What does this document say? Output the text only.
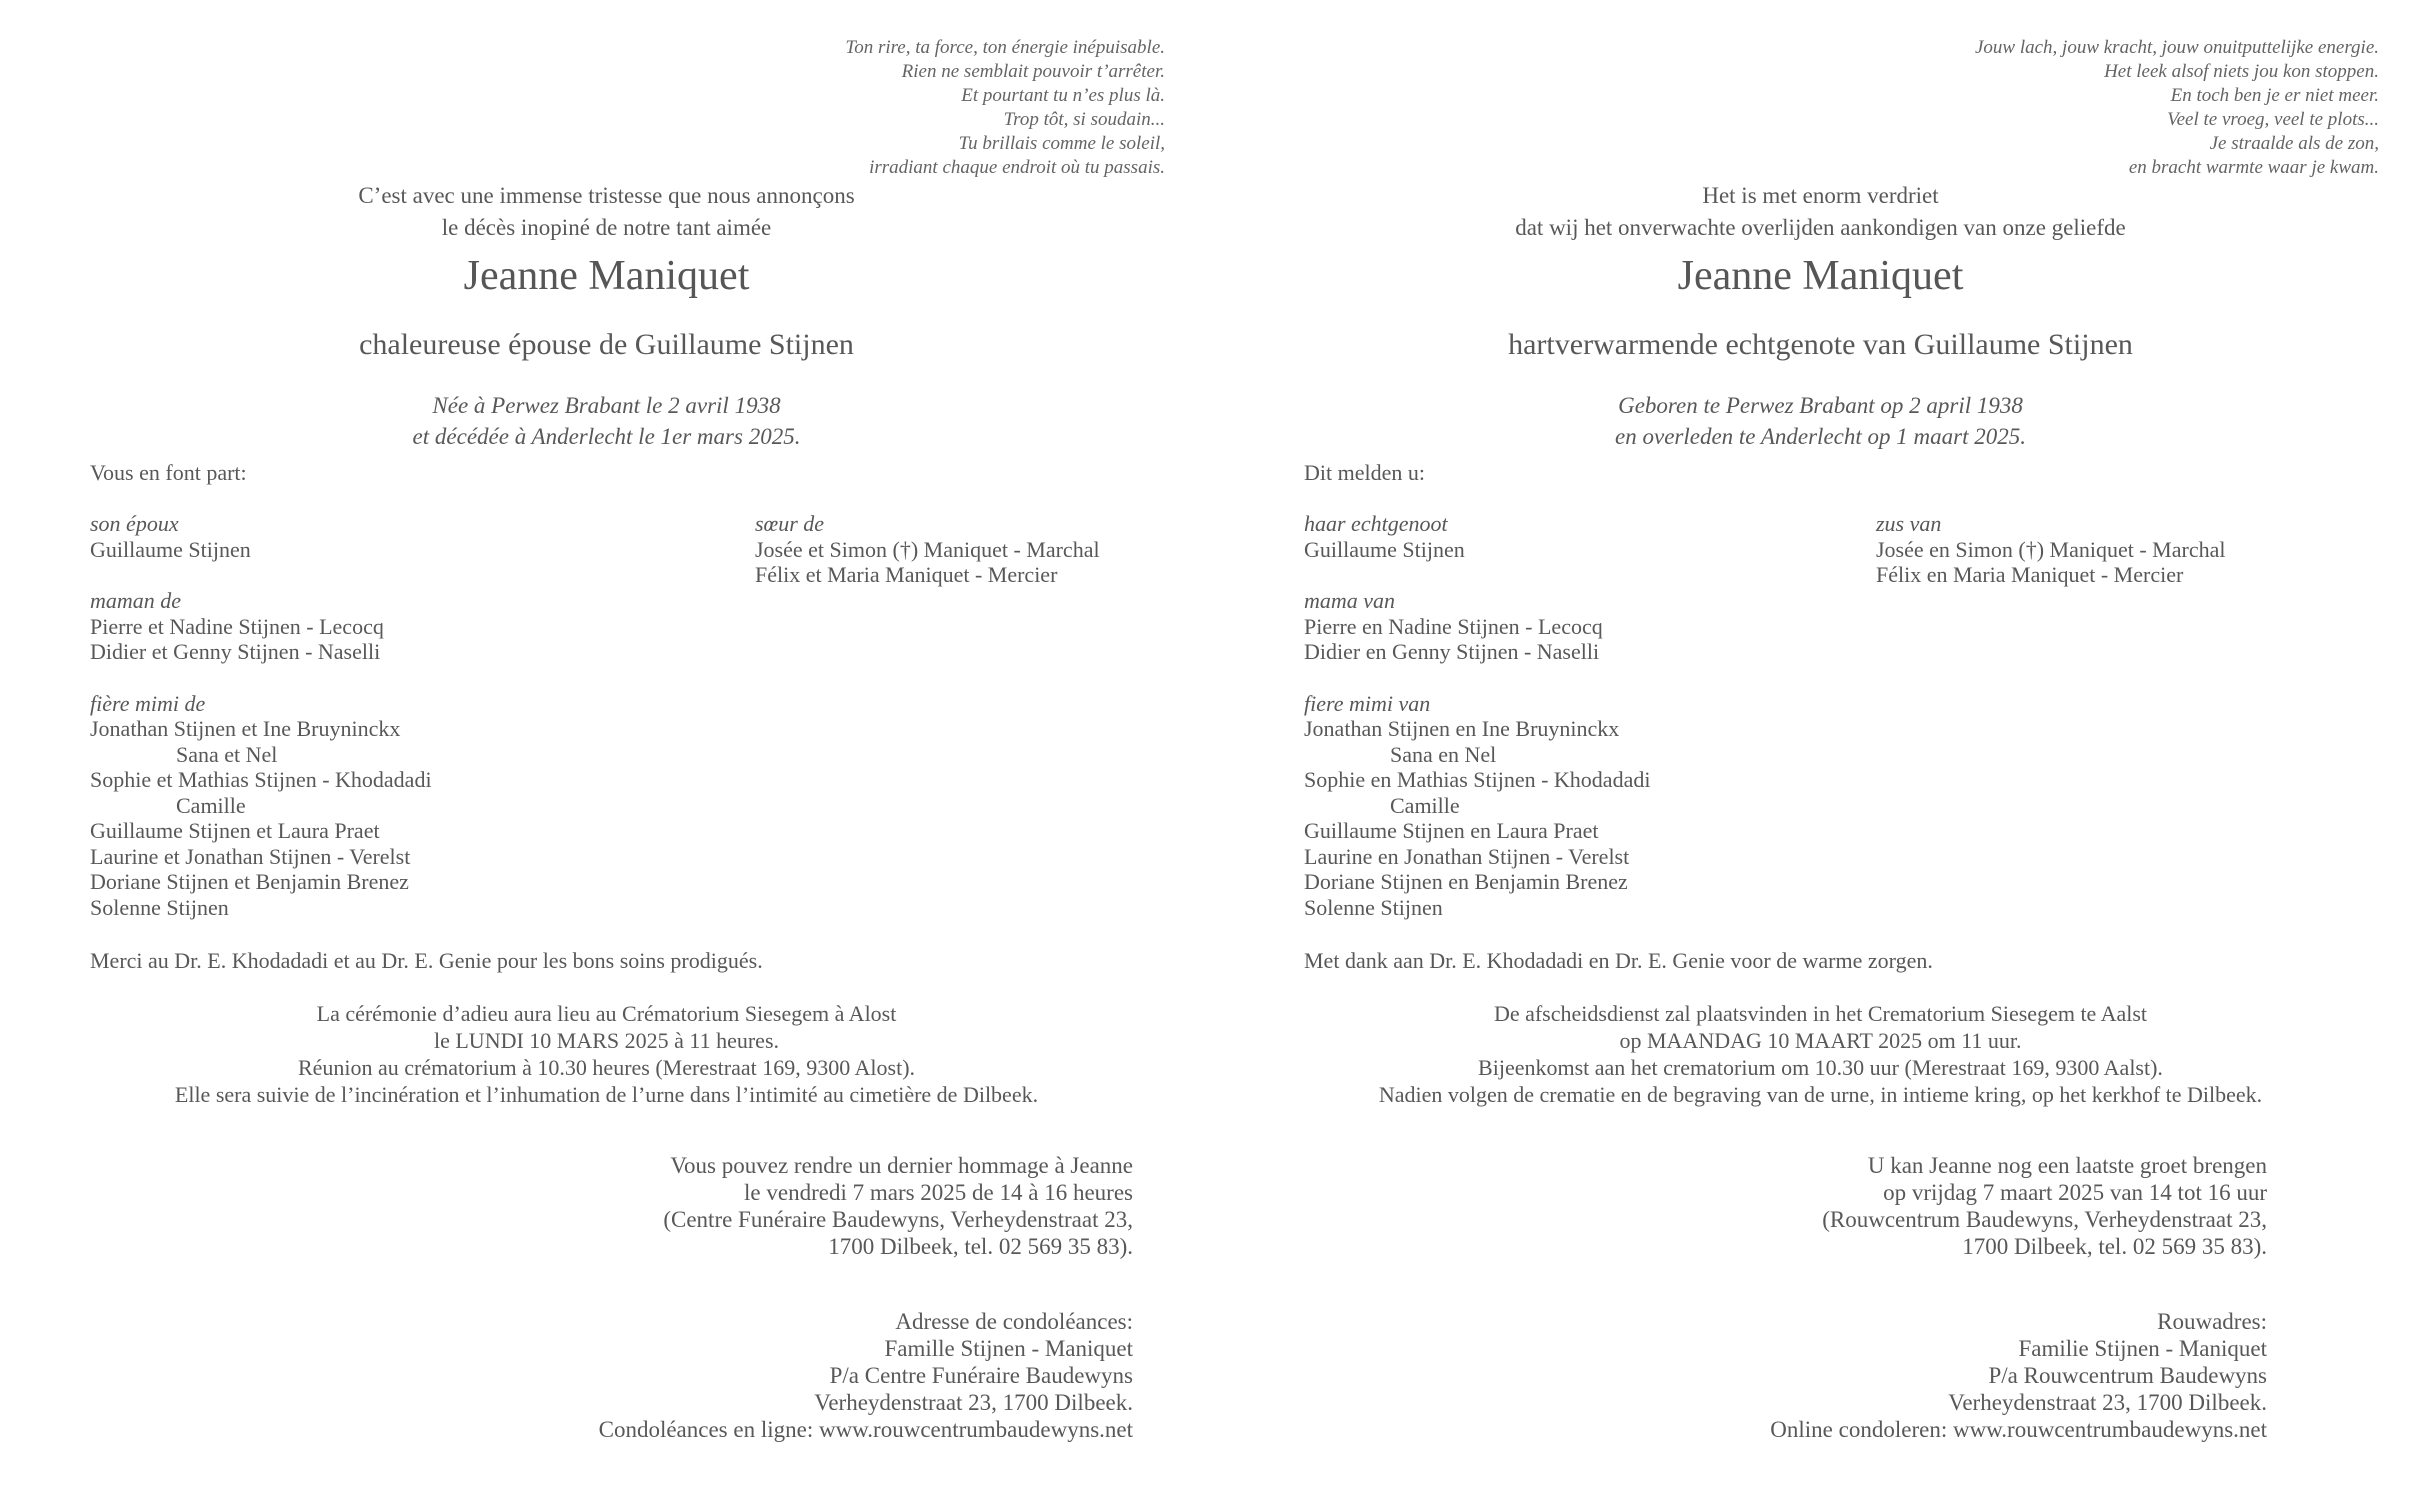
Ton rire, ta force, ton énergie inépuisable.
Rien ne semblait pouvoir t’arrêter.
Et pourtant tu n’es plus là.
Trop tôt, si soudain...
Tu brillais comme le soleil,
irradiant chaque endroit où tu passais.
C’est avec une immense tristesse que nous annonçons
le décès inopiné de notre tant aimée
Jeanne Maniquet
chaleureuse épouse de Guillaume Stijnen
Née à Perwez Brabant le 2 avril 1938
et décédée à Anderlecht le 1er mars 2025.
Vous en font part:
son époux
Guillaume Stijnen
maman de
Pierre et Nadine Stijnen - Lecocq
Didier et Genny Stijnen - Naselli
fière mimi de
Jonathan Stijnen et Ine Bruyninckx
Sana et Nel
Sophie et Mathias Stijnen - Khodadadi
Camille
Guillaume Stijnen et Laura Praet
Laurine et Jonathan Stijnen - Verelst
Doriane Stijnen et Benjamin Brenez
Solenne Stijnen
sœur de
Josée et Simon (†) Maniquet - Marchal
Félix et Maria Maniquet - Mercier
Merci au Dr. E. Khodadadi et au Dr. E. Genie pour les bons soins prodigués.
La cérémonie d’adieu aura lieu au Crématorium Siesegem à Alost
le LUNDI 10 MARS 2025 à 11 heures.
Réunion au crématorium à 10.30 heures (Merestraat 169, 9300 Alost).
Elle sera suivie de l’incinération et l’inhumation de l’urne dans l’intimité au cimetière de Dilbeek.
Vous pouvez rendre un dernier hommage à Jeanne
le vendredi 7 mars 2025 de 14 à 16 heures
(Centre Funéraire Baudewyns, Verheydenstraat 23,
1700 Dilbeek, tel. 02 569 35 83).
Adresse de condoléances:
Famille Stijnen - Maniquet
P/a Centre Funéraire Baudewyns
Verheydenstraat 23, 1700 Dilbeek.
Condoléances en ligne: www.rouwcentrumbaudewyns.net
Jouw lach, jouw kracht, jouw onuitputtelijke energie.
Het leek alsof niets jou kon stoppen.
En toch ben je er niet meer.
Veel te vroeg, veel te plots...
Je straalde als de zon,
en bracht warmte waar je kwam.
Het is met enorm verdriet
dat wij het onverwachte overlijden aankondigen van onze geliefde
Jeanne Maniquet
hartverwarmende echtgenote van Guillaume Stijnen
Geboren te Perwez Brabant op 2 april 1938
en overleden te Anderlecht op 1 maart 2025.
Dit melden u:
haar echtgenoot
Guillaume Stijnen
mama van
Pierre en Nadine Stijnen - Lecocq
Didier en Genny Stijnen - Naselli
fiere mimi van
Jonathan Stijnen en Ine Bruyninckx
Sana en Nel
Sophie en Mathias Stijnen - Khodadadi
Camille
Guillaume Stijnen en Laura Praet
Laurine en Jonathan Stijnen - Verelst
Doriane Stijnen en Benjamin Brenez
Solenne Stijnen
zus van
Josée en Simon (†) Maniquet - Marchal
Félix en Maria Maniquet - Mercier
Met dank aan Dr. E. Khodadadi en Dr. E. Genie voor de warme zorgen.
De afscheidsdienst zal plaatsvinden in het Crematorium Siesegem te Aalst
op MAANDAG 10 MAART 2025 om 11 uur.
Bijeenkomst aan het crematorium om 10.30 uur (Merestraat 169, 9300 Aalst).
Nadien volgen de crematie en de begraving van de urne, in intieme kring, op het kerkhof te Dilbeek.
U kan Jeanne nog een laatste groet brengen
op vrijdag 7 maart 2025 van 14 tot 16 uur
(Rouwcentrum Baudewyns, Verheydenstraat 23,
1700 Dilbeek, tel. 02 569 35 83).
Rouwadres:
Familie Stijnen - Maniquet
P/a Rouwcentrum Baudewyns
Verheydenstraat 23, 1700 Dilbeek.
Online condoleren: www.rouwcentrumbaudewyns.net
